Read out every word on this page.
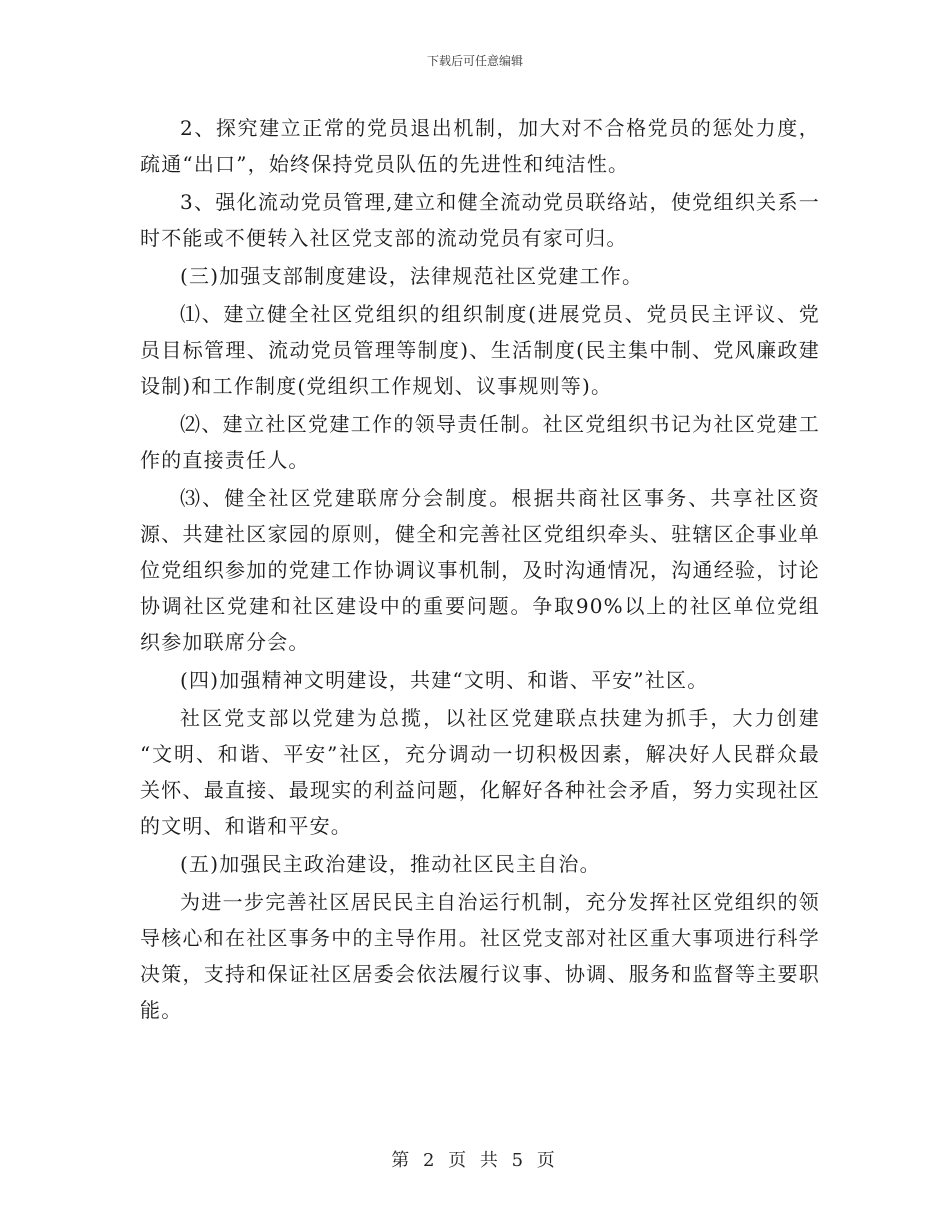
下载后可任意编辑

2、探究建立正常的党员退出机制，加大对不合格党员的惩处力度，疏通“出口”，始终保持党员队伍的先进性和纯洁性。

3、强化流动党员管理,建立和健全流动党员联络站，使党组织关系一时不能或不便转入社区党支部的流动党员有家可归。

(三)加强支部制度建设，法律规范社区党建工作。

⑴、建立健全社区党组织的组织制度(进展党员、党员民主评议、党员目标管理、流动党员管理等制度)、生活制度(民主集中制、党风廉政建设制)和工作制度(党组织工作规划、议事规则等)。

⑵、建立社区党建工作的领导责任制。社区党组织书记为社区党建工作的直接责任人。

⑶、健全社区党建联席分会制度。根据共商社区事务、共享社区资源、共建社区家园的原则，健全和完善社区党组织牵头、驻辖区企事业单位党组织参加的党建工作协调议事机制，及时沟通情况，沟通经验，讨论协调社区党建和社区建设中的重要问题。争取90%以上的社区单位党组织参加联席分会。

(四)加强精神文明建设，共建“文明、和谐、平安”社区。

社区党支部以党建为总揽，以社区党建联点扶建为抓手，大力创建 “文明、和谐、平安”社区，充分调动一切积极因素，解决好人民群众最关怀、最直接、最现实的利益问题，化解好各种社会矛盾，努力实现社区的文明、和谐和平安。

(五)加强民主政治建设，推动社区民主自治。

为进一步完善社区居民民主自治运行机制，充分发挥社区党组织的领导核心和在社区事务中的主导作用。社区党支部对社区重大事项进行科学决策，支持和保证社区居委会依法履行议事、协调、服务和监督等主要职能。

第 2 页 共 5 页
